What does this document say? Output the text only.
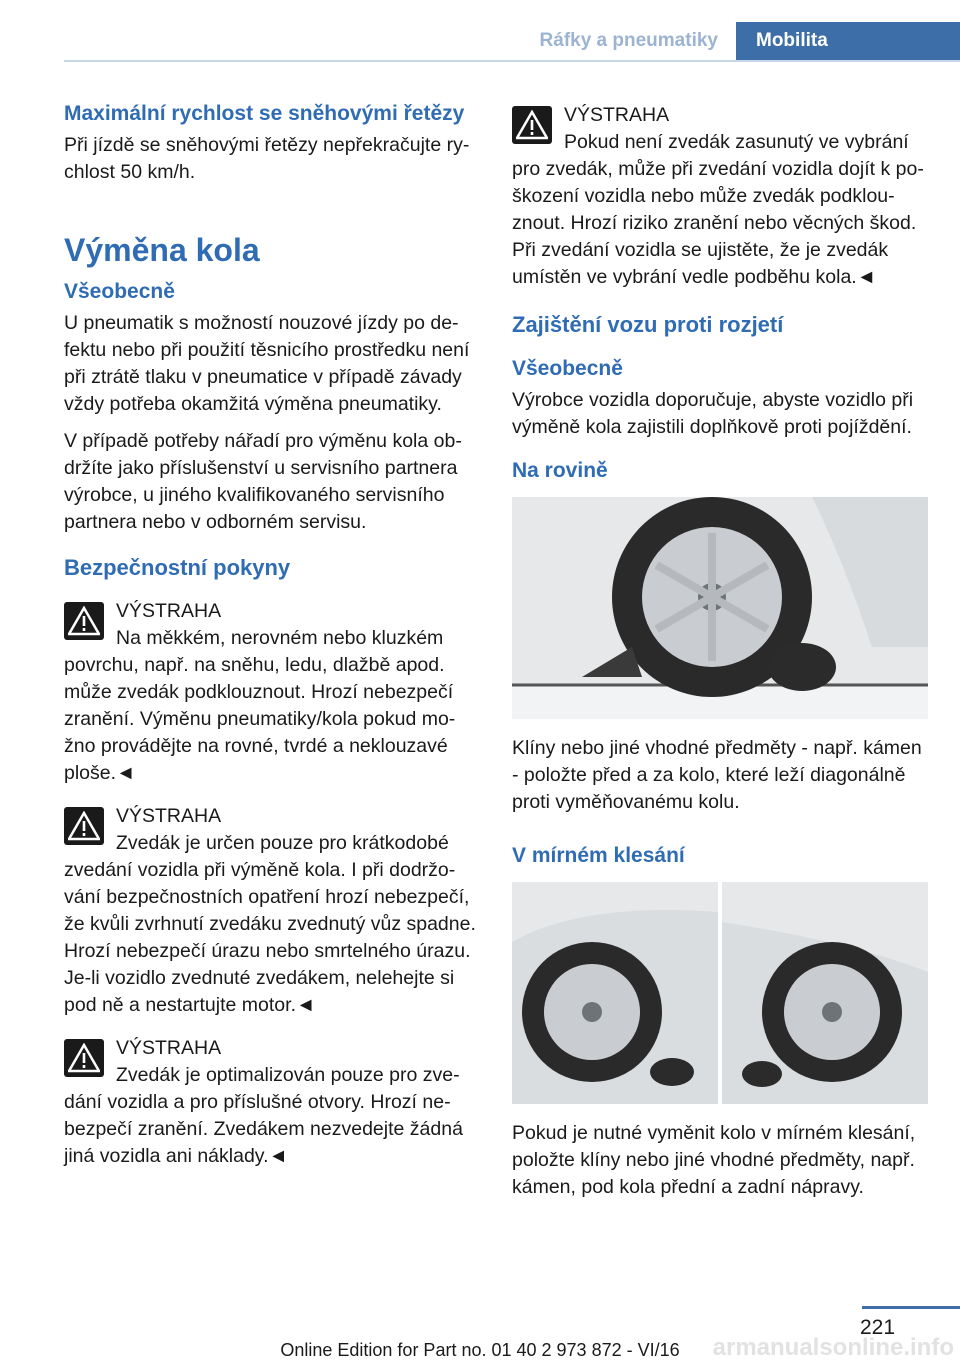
Ráfky a pneumatiky	Mobilita
Maximální rychlost se sněhovými řetězy

Při jízdě se sněhovými řetězy nepřekračujte rychlost 50 km/h.

Výměna kola
Všeobecně

U pneumatik s možností nouzové jízdy po defektu nebo při použití těsnicího prostředku není při ztrátě tlaku v pneumatice v případě závady vždy potřeba okamžitá výměna pneumatiky.

V případě potřeby nářadí pro výměnu kola obdržíte jako příslušenství u servisního partnera výrobce, u jiného kvalifikovaného servisního partnera nebo v odborném servisu.

Bezpečnostní pokyny
VÝSTRAHA
Na měkkém, nerovném nebo kluzkém povrchu, např. na sněhu, ledu, dlažbě apod. může zvedák podklouznout. Hrozí nebezpečí zranění. Výměnu pneumatiky/kola pokud možno provádějte na rovné, tvrdé a neklouzavé ploše.◄
VÝSTRAHA
Zvedák je určen pouze pro krátkodobé zvedání vozidla při výměně kola. I při dodržování bezpečnostních opatření hrozí nebezpečí, že kvůli zvrhnutí zvedáku zvednutý vůz spadne. Hrozí nebezpečí úrazu nebo smrtelného úrazu. Je-li vozidlo zvednuté zvedákem, nelehejte si pod ně a nestartujte motor.◄
VÝSTRAHA
Zvedák je optimalizován pouze pro zvedání vozidla a pro příslušné otvory. Hrozí nebezpečí zranění. Zvedákem nezvedejte žádná jiná vozidla ani náklady.◄
VÝSTRAHA
Pokud není zvedák zasunutý ve vybrání pro zvedák, může při zvedání vozidla dojít k poškození vozidla nebo může zvedák podklouznout. Hrozí riziko zranění nebo věcných škod. Při zvedání vozidla se ujistěte, že je zvedák umístěn ve vybrání vedle podběhu kola.◄
Zajištění vozu proti rozjetí
Všeobecně

Výrobce vozidla doporučuje, abyste vozidlo při výměně kola zajistili doplňkově proti pojíždění.

Na rovině

Klíny nebo jiné vhodné předměty - např. kámen - položte před a za kolo, které leží diagonálně proti vyměňovanému kolu.

V mírném klesání

Pokud je nutné vyměnit kolo v mírném klesání, položte klíny nebo jiné vhodné předměty, např. kámen, pod kola přední a zadní nápravy.

221
Online Edition for Part no. 01 40 2 973 872 - VI/16	armanualsonline.info
